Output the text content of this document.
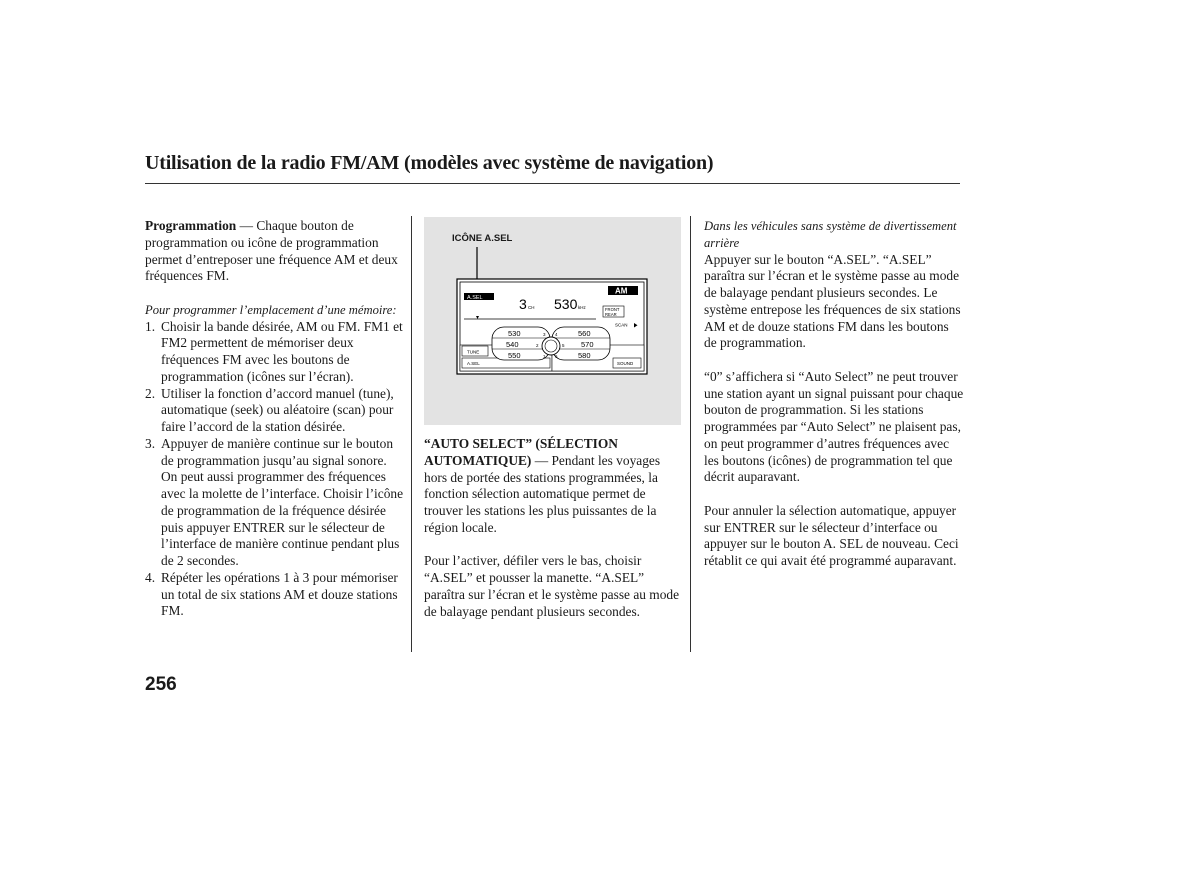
Utilisation de la radio FM/AM (modèles avec système de navigation)

Programmation — Chaque bouton de programmation ou icône de programmation permet d’entreposer une fréquence AM et deux fréquences FM.

Pour programmer l’emplacement d’une mémoire:

1. Choisir la bande désirée, AM ou FM. FM1 et FM2 permettent de mémoriser deux fréquences FM avec les boutons de programmation (icônes sur l’écran).
2. Utiliser la fonction d’accord manuel (tune), automatique (seek) ou aléatoire (scan) pour faire l’accord de la station désirée.
3. Appuyer de manière continue sur le bouton de programmation jusqu’au signal sonore. On peut aussi programmer des fréquences avec la molette de l’interface. Choisir l’icône de programmation de la fréquence désirée puis appuyer ENTRER sur le sélecteur de l’interface de manière continue pendant plus de 2 secondes.
4. Répéter les opérations 1 à 3 pour mémoriser un total de six stations AM et douze stations FM.
A.SEL
AM
3 CH 530 kHz	FRONT
REAR
SCAN
TUNE
A.SEL	SOUND
530	3 4	560
540	2	5 570
550	1 6	580
ICÔNE A.SEL

“AUTO SELECT” (SÉLECTION AUTOMATIQUE) — Pendant les voyages hors de portée des stations programmées, la fonction sélection automatique permet de trouver les stations les plus puissantes de la région locale.

Pour l’activer, défiler vers le bas, choisir “A.SEL” et pousser la manette. “A.SEL” paraîtra sur l’écran et le système passe au mode de balayage pendant plusieurs secondes.

Dans les véhicules sans système de divertissement arrière

Appuyer sur le bouton “A.SEL”. “A.SEL” paraîtra sur l’écran et le système passe au mode de balayage pendant plusieurs secondes. Le système entrepose les fréquences de six stations AM et de douze stations FM dans les boutons de programmation.

“0” s’affichera si “Auto Select” ne peut trouver une station ayant un signal puissant pour chaque bouton de programmation. Si les stations programmées par “Auto Select” ne plaisent pas, on peut programmer d’autres fréquences avec les boutons (icônes) de programmation tel que décrit auparavant.

Pour annuler la sélection automatique, appuyer sur ENTRER sur le sélecteur d’interface ou appuyer sur le bouton A. SEL de nouveau. Ceci rétablit ce qui avait été programmé auparavant.

256
